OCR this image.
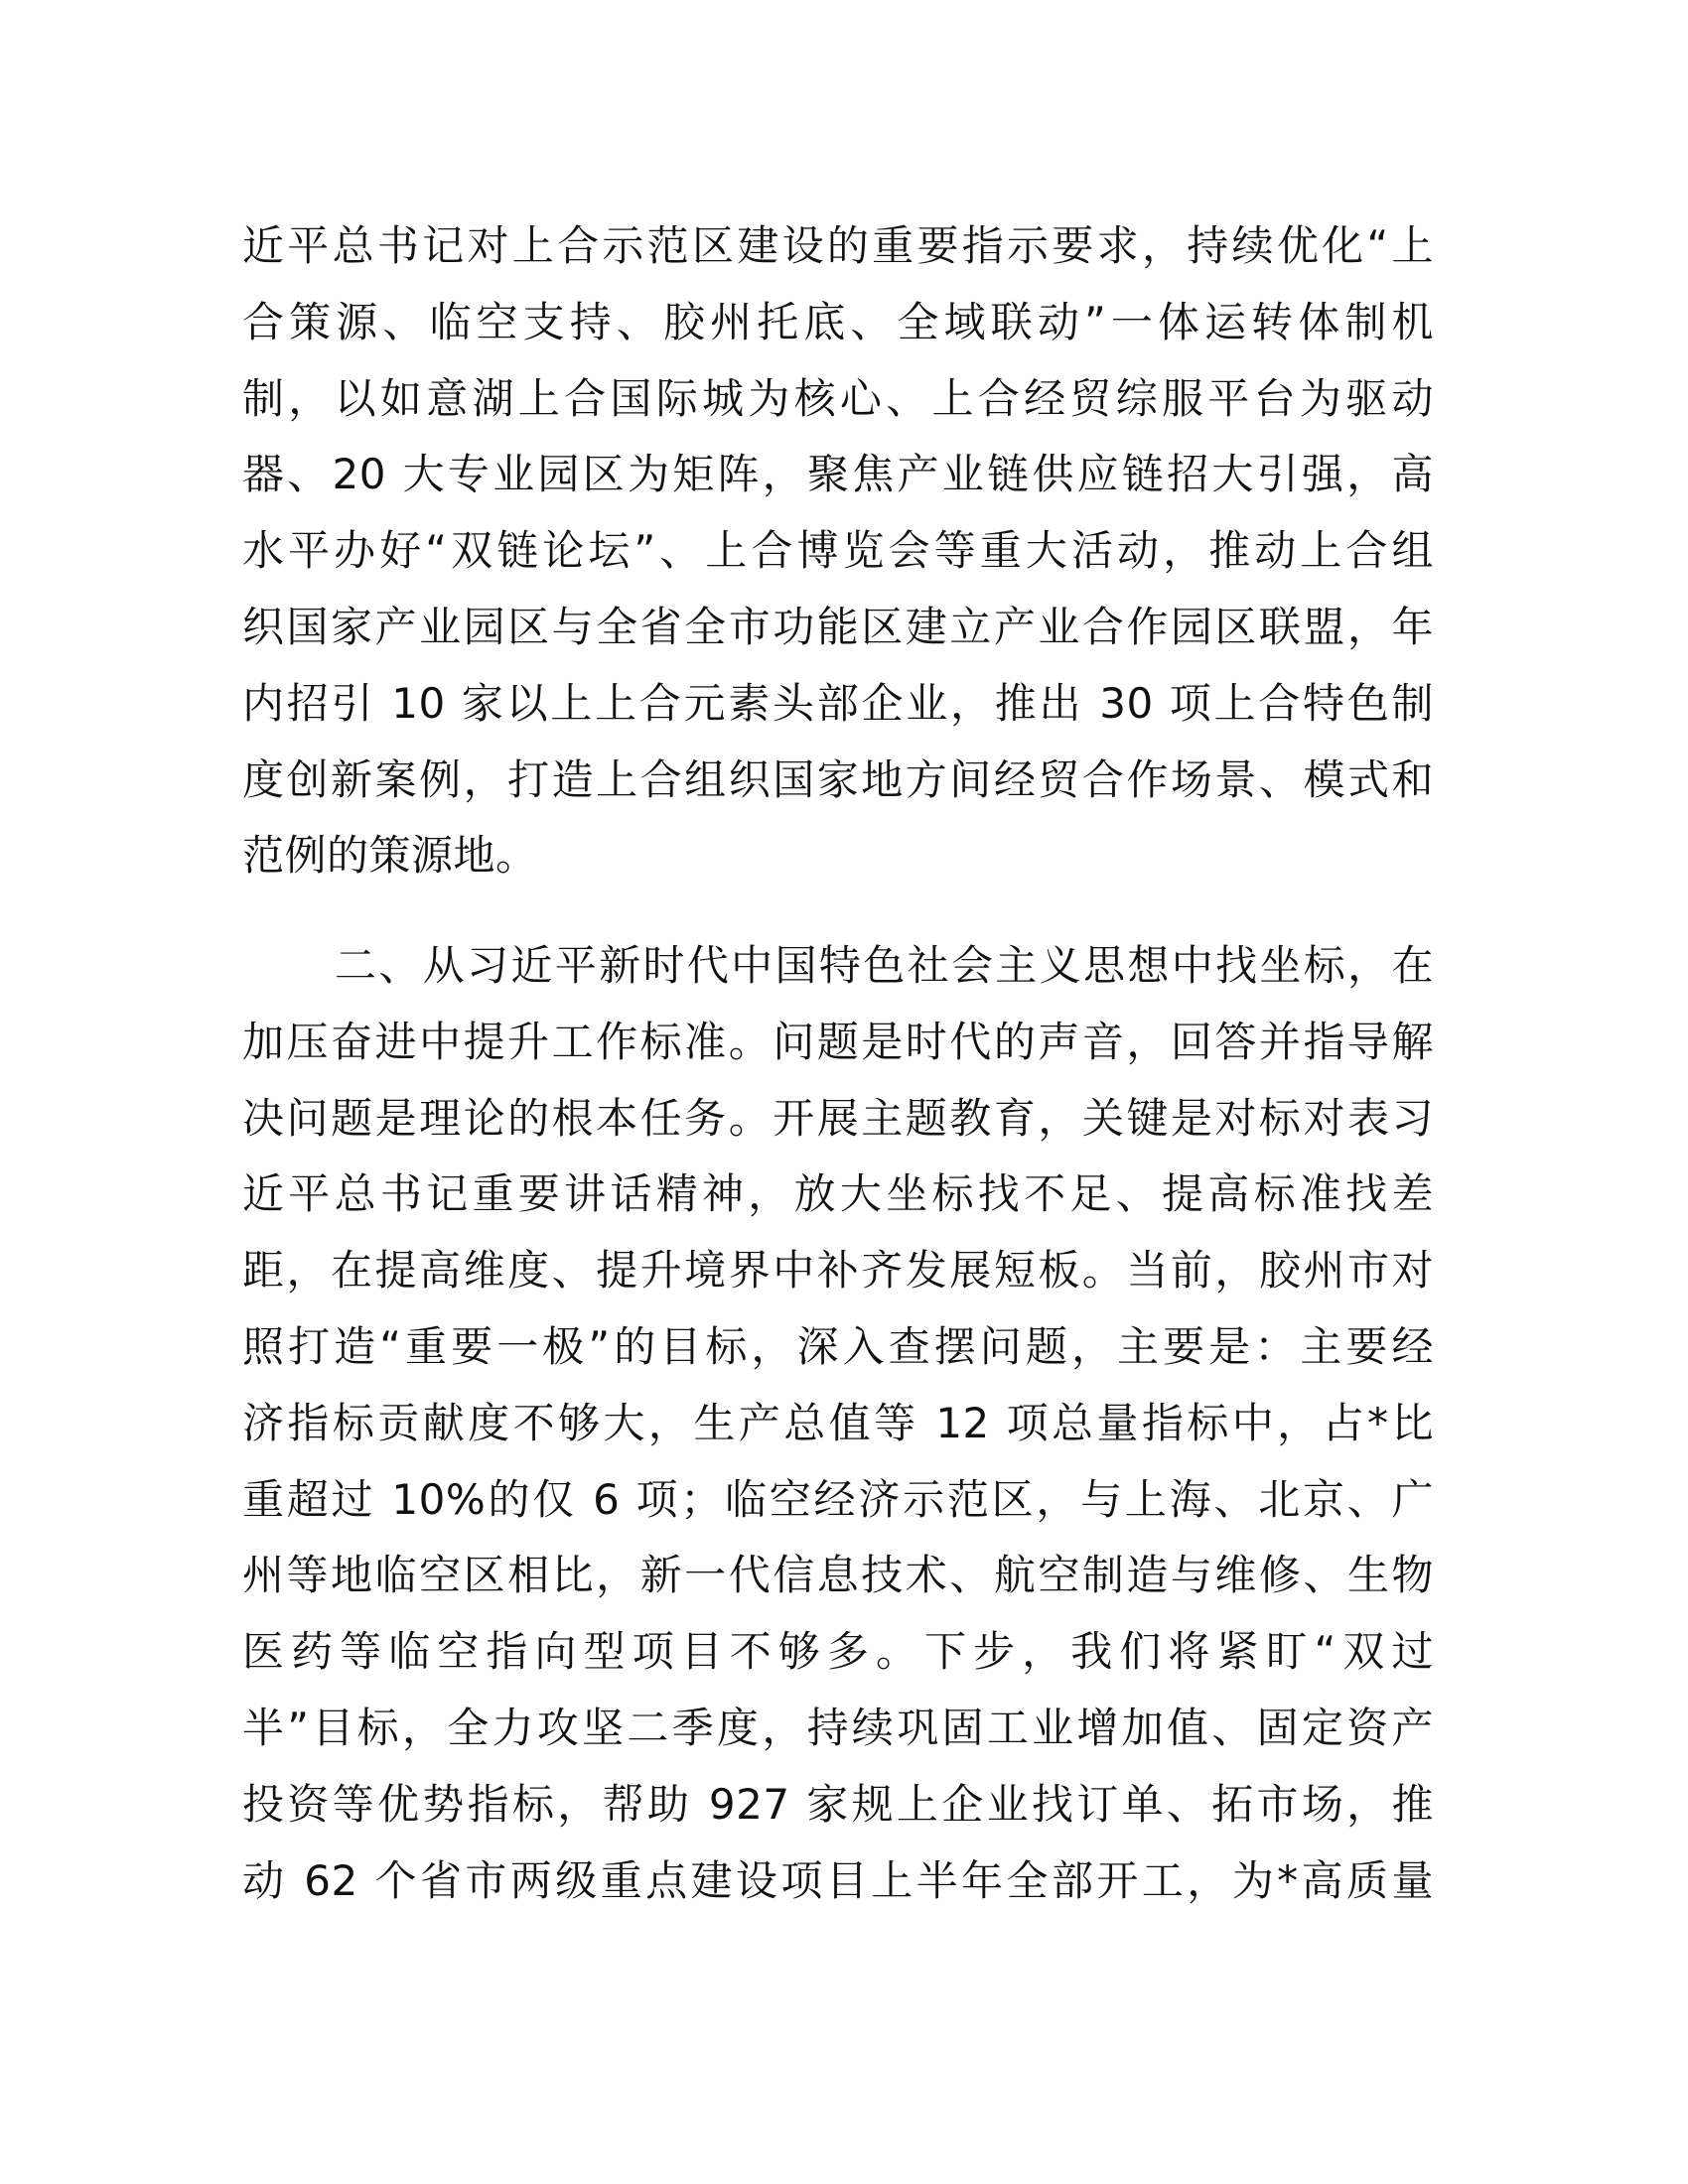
近平总书记对上合示范区建设的重要指示要求，持续优化“上
合策源、临空支持、胶州托底、全域联动”一体运转体制机
制，以如意湖上合国际城为核心、上合经贸综服平台为驱动
器、20 大专业园区为矩阵，聚焦产业链供应链招大引强，高
水平办好“双链论坛”、上合博览会等重大活动，推动上合组
织国家产业园区与全省全市功能区建立产业合作园区联盟，年
内招引 10 家以上上合元素头部企业，推出 30 项上合特色制
度创新案例，打造上合组织国家地方间经贸合作场景、模式和
范例的策源地。
二、从习近平新时代中国特色社会主义思想中找坐标，在
加压奋进中提升工作标准。问题是时代的声音，回答并指导解
决问题是理论的根本任务。开展主题教育，关键是对标对表习
近平总书记重要讲话精神，放大坐标找不足、提高标准找差
距，在提高维度、提升境界中补齐发展短板。当前，胶州市对
照打造“重要一极”的目标，深入查摆问题，主要是：主要经
济指标贡献度不够大，生产总值等 12 项总量指标中，占*比
重超过 10%的仅 6 项；临空经济示范区，与上海、北京、广
州等地临空区相比，新一代信息技术、航空制造与维修、生物
医药等临空指向型项目不够多。下步，我们将紧盯“双过
半”目标，全力攻坚二季度，持续巩固工业增加值、固定资产
投资等优势指标，帮助 927 家规上企业找订单、拓市场，推
动 62 个省市两级重点建设项目上半年全部开工，为*高质量
